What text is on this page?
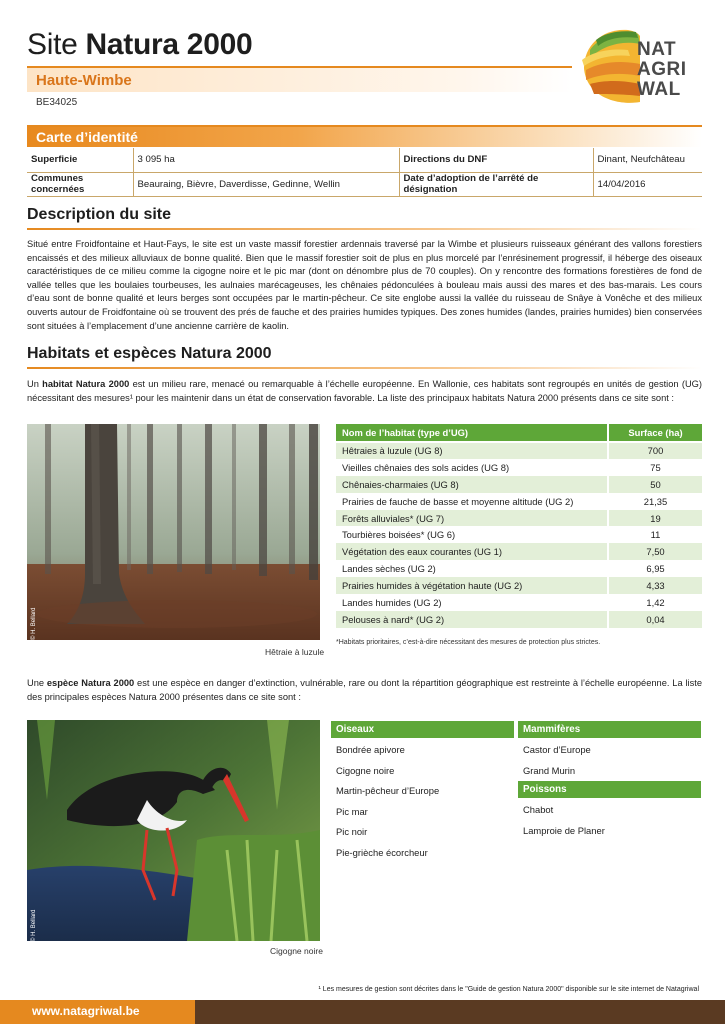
Site Natura 2000
Haute-Wimbe
BE34025
NAT
AGRI
WAL
Carte d’identité
Superficie	3 095 ha	Directions du DNF	Dinant, Neufchâteau
Communes concernées	Beauraing, Bièvre, Daverdisse, Gedinne, Wellin	Date d’adoption de l’arrêté de désignation	14/04/2016
Description du site
Situé entre Froidfontaine et Haut-Fays, le site est un vaste massif forestier ardennais traversé par la Wimbe et plusieurs ruisseaux générant des vallons forestiers encaissés et des milieux alluviaux de bonne qualité. Bien que le massif forestier soit de plus en plus morcelé par l’enrésinement progressif, il héberge des oiseaux caractéristiques de ce milieu comme la cigogne noire et le pic mar (dont on dénombre plus de 70 couples). On y rencontre des formations forestières de fond de vallée telles que les boulaies tourbeuses, les aulnaies marécageuses, les chênaies pédonculées à bouleau mais aussi des mares et des bas-marais. Les cours d’eau sont de bonne qualité et leurs berges sont occupées par le martin-pêcheur. Ce site englobe aussi la vallée du ruisseau de Snâye à Vonêche et des milieux ouverts autour de Froidfontaine où se trouvent des prés de fauche et des prairies humides typiques. Des zones humides (landes, prairies humides) bien conservées sont situées à l’emplacement d’une ancienne carrière de kaolin.
Habitats et espèces Natura 2000
Un habitat Natura 2000 est un milieu rare, menacé ou remarquable à l’échelle européenne. En Wallonie, ces habitats sont regroupés en unités de gestion (UG) nécessitant des mesures¹ pour les maintenir dans un état de conservation favorable. La liste des principaux habitats Natura 2000 présents dans ce site sont :
© H. Bellard
Hêtraie à luzule
Nom de l’habitat (type d’UG)	Surface (ha)
Hêtraies à luzule (UG 8)	700
Vieilles chênaies des sols acides (UG 8)	75
Chênaies-charmaies (UG 8)	50
Prairies de fauche de basse et moyenne altitude (UG 2)	21,35
Forêts alluviales* (UG 7)	19
Tourbières boisées* (UG 6)	11
Végétation des eaux courantes (UG 1)	7,50
Landes sèches (UG 2)	6,95
Prairies humides à végétation haute (UG 2)	4,33
Landes humides (UG 2)	1,42
Pelouses à nard* (UG 2)	0,04
*Habitats prioritaires, c’est-à-dire nécessitant des mesures de protection plus strictes.
Une espèce Natura 2000 est une espèce en danger d’extinction, vulnérable, rare ou dont la répartition géographique est restreinte à l’échelle européenne. La liste des principales espèces Natura 2000 présentes dans ce site sont :
© H. Bellard
Cigogne noire
Oiseaux
Bondrée apivore
Cigogne noire
Martin-pêcheur d’Europe
Pic mar
Pic noir
Pie-grièche écorcheur
Mammifères
Castor d’Europe
Grand Murin
Poissons
Chabot
Lamproie de Planer
¹ Les mesures de gestion sont décrites dans le "Guide de gestion Natura 2000" disponible sur le site internet de Natagriwal
www.natagriwal.be
